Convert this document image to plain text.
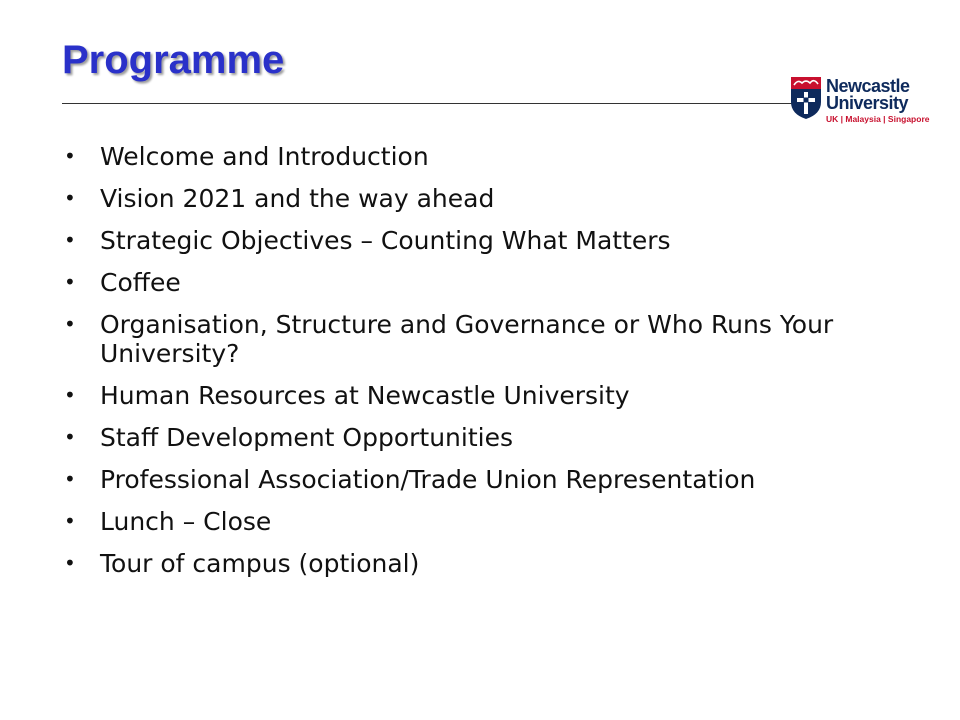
Programme
Newcastle
University
UK | Malaysia | Singapore
• Welcome and Introduction
• Vision 2021 and the way ahead
• Strategic Objectives – Counting What Matters
• Coffee
• Organisation, Structure and Governance or Who Runs Your University?
• Human Resources at Newcastle University
• Staff Development Opportunities
• Professional Association/Trade Union Representation
• Lunch – Close
• Tour of campus (optional)
